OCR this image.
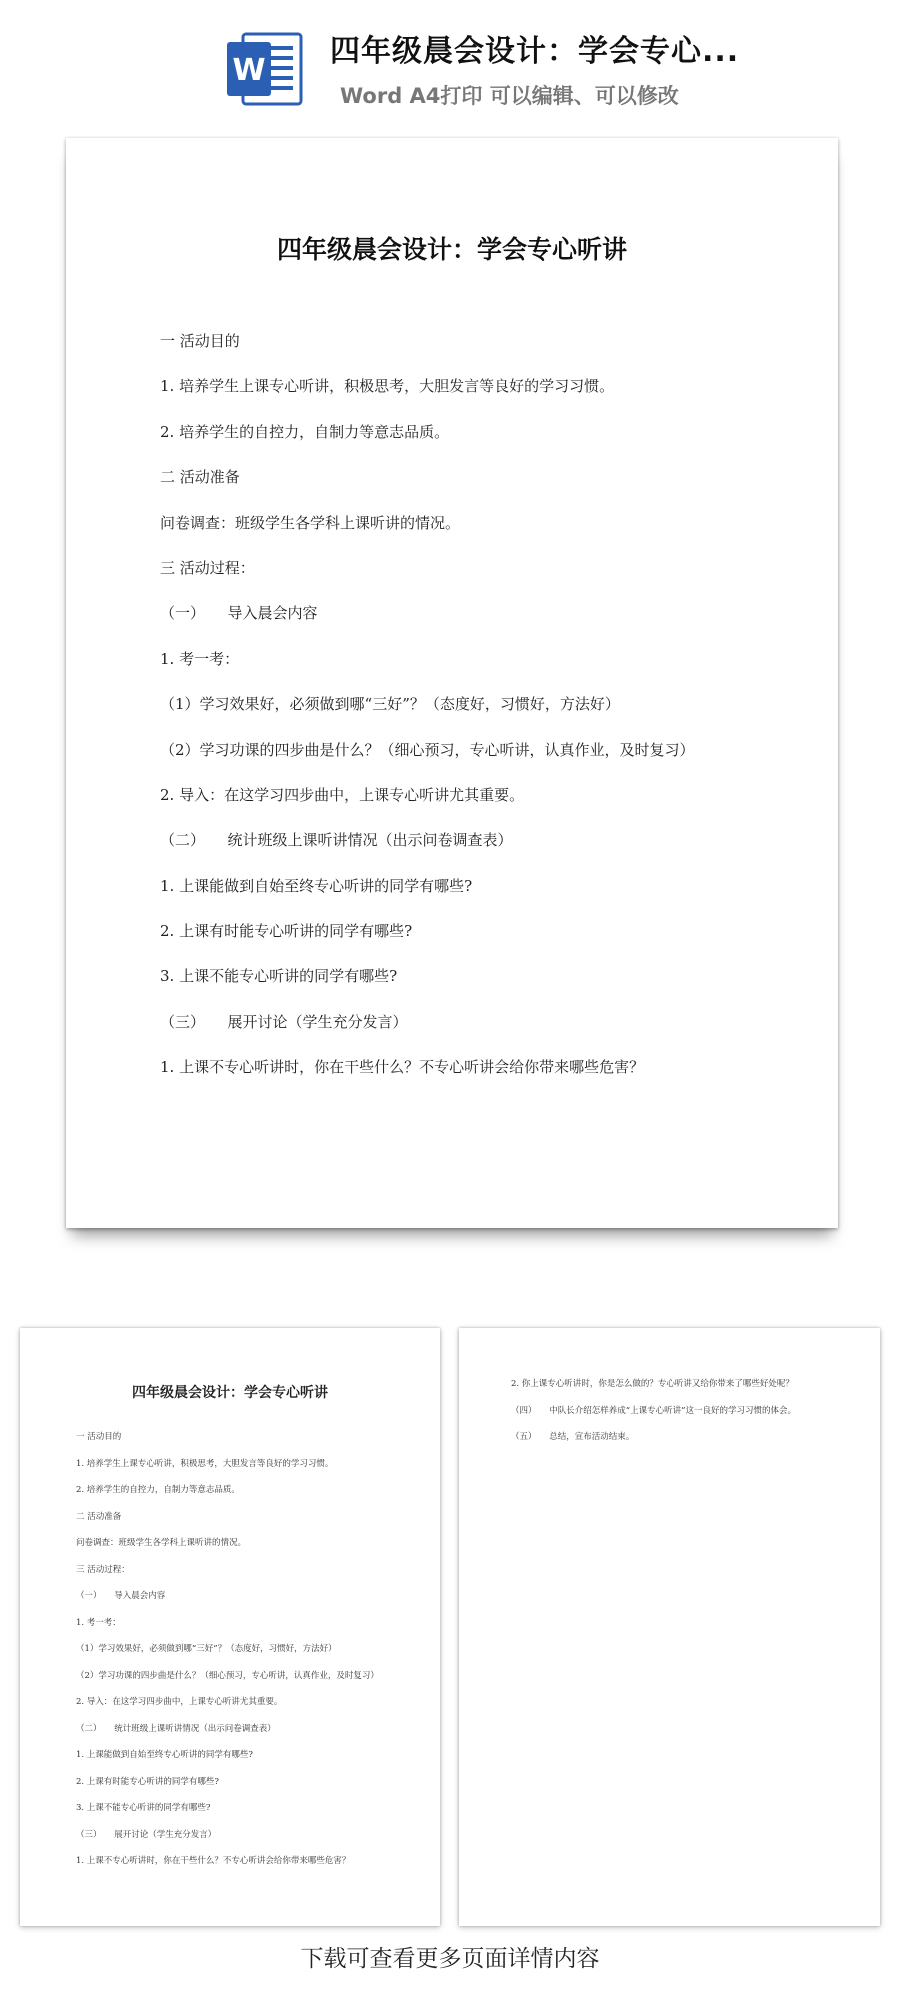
W
四年级晨会设计：学会专心...
Word A4打印 可以编辑、可以修改
四年级晨会设计：学会专心听讲
一 活动目的
1. 培养学生上课专心听讲，积极思考，大胆发言等良好的学习习惯。
2. 培养学生的自控力，自制力等意志品质。
二 活动准备
问卷调查：班级学生各学科上课听讲的情况。
三 活动过程：
（一）　　导入晨会内容
1. 考一考：
（1）学习效果好，必须做到哪“三好”？（态度好，习惯好，方法好）
（2）学习功课的四步曲是什么？（细心预习，专心听讲，认真作业，及时复习）
2. 导入：在这学习四步曲中，上课专心听讲尤其重要。
（二）　　统计班级上课听讲情况（出示问卷调查表）
1. 上课能做到自始至终专心听讲的同学有哪些?
2. 上课有时能专心听讲的同学有哪些?
3. 上课不能专心听讲的同学有哪些?
（三）　　展开讨论（学生充分发言）
1. 上课不专心听讲时，你在干些什么？不专心听讲会给你带来哪些危害？
四年级晨会设计：学会专心听讲
一 活动目的
1. 培养学生上课专心听讲，积极思考，大胆发言等良好的学习习惯。
2. 培养学生的自控力，自制力等意志品质。
二 活动准备
问卷调查：班级学生各学科上课听讲的情况。
三 活动过程：
（一）　　导入晨会内容
1. 考一考：
（1）学习效果好，必须做到哪“三好”？（态度好，习惯好，方法好）
（2）学习功课的四步曲是什么？（细心预习，专心听讲，认真作业，及时复习）
2. 导入：在这学习四步曲中，上课专心听讲尤其重要。
（二）　　统计班级上课听讲情况（出示问卷调查表）
1. 上课能做到自始至终专心听讲的同学有哪些?
2. 上课有时能专心听讲的同学有哪些?
3. 上课不能专心听讲的同学有哪些?
（三）　　展开讨论（学生充分发言）
1. 上课不专心听讲时，你在干些什么？不专心听讲会给你带来哪些危害？
2. 你上课专心听讲时，你是怎么做的？专心听讲又给你带来了哪些好处呢？
（四）　　中队长介绍怎样养成“上课专心听讲”这一良好的学习习惯的体会。
（五）　　总结，宣布活动结束。
下载可查看更多页面详情内容
